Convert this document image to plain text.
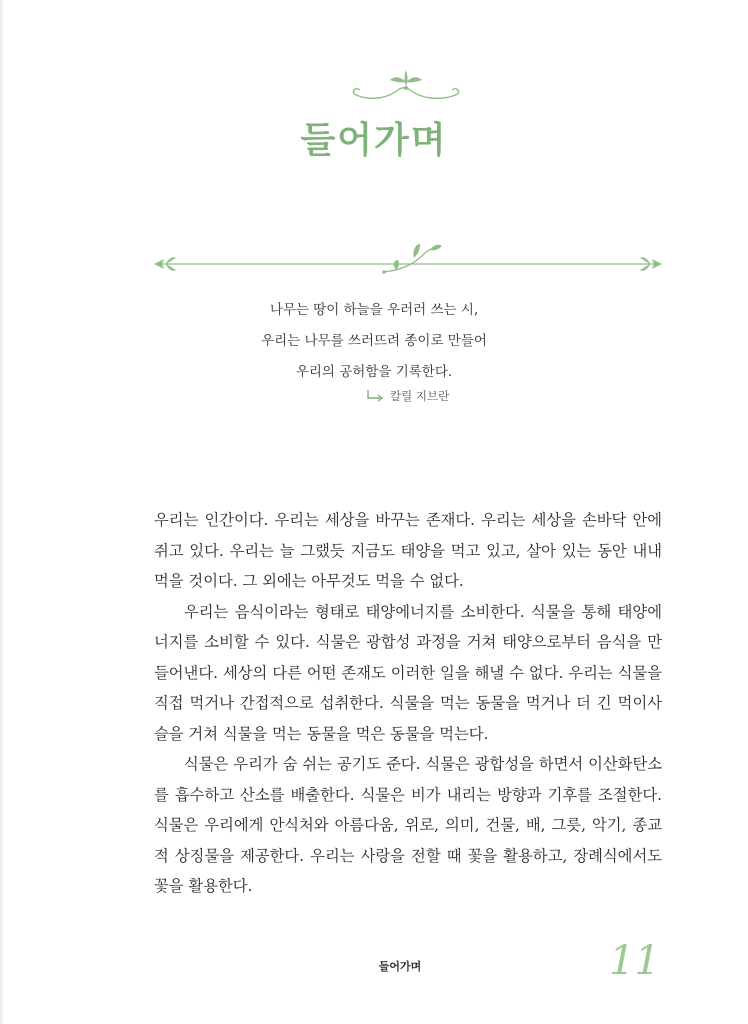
들어가며
나무는 땅이 하늘을 우러러 쓰는 시,
우리는 나무를 쓰러뜨려 종이로 만들어
우리의 공허함을 기록한다.
칼릴 지브란

우리는 인간이다. 우리는 세상을 바꾸는 존재다. 우리는 세상을 손바닥 안에 쥐고 있다. 우리는 늘 그랬듯 지금도 태양을 먹고 있고, 살아 있는 동안 내내 먹을 것이다. 그 외에는 아무것도 먹을 수 없다.

우리는 음식이라는 형태로 태양에너지를 소비한다. 식물을 통해 태양에너지를 소비할 수 있다. 식물은 광합성 과정을 거쳐 태양으로부터 음식을 만들어낸다. 세상의 다른 어떤 존재도 이러한 일을 해낼 수 없다. 우리는 식물을 직접 먹거나 간접적으로 섭취한다. 식물을 먹는 동물을 먹거나 더 긴 먹이사슬을 거쳐 식물을 먹는 동물을 먹은 동물을 먹는다.

식물은 우리가 숨 쉬는 공기도 준다. 식물은 광합성을 하면서 이산화탄소를 흡수하고 산소를 배출한다. 식물은 비가 내리는 방향과 기후를 조절한다. 식물은 우리에게 안식처와 아름다움, 위로, 의미, 건물, 배, 그릇, 악기, 종교적 상징물을 제공한다. 우리는 사랑을 전할 때 꽃을 활용하고, 장례식에서도 꽃을 활용한다.

들어가며	11
